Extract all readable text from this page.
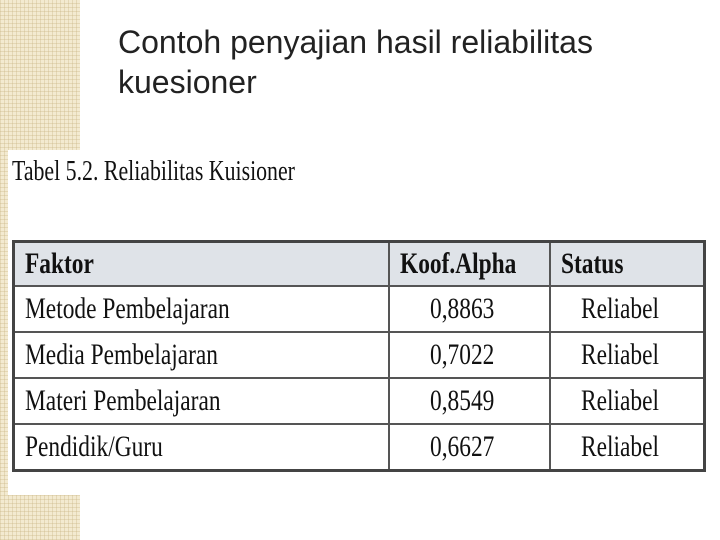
Contoh penyajian hasil reliabilitas kuesioner
Tabel 5.2. Reliabilitas Kuisioner
Faktor	Koof.Alpha	Status
Metode Pembelajaran	0,8863	Reliabel
Media Pembelajaran	0,7022	Reliabel
Materi Pembelajaran	0,8549	Reliabel
Pendidik/Guru	0,6627	Reliabel
